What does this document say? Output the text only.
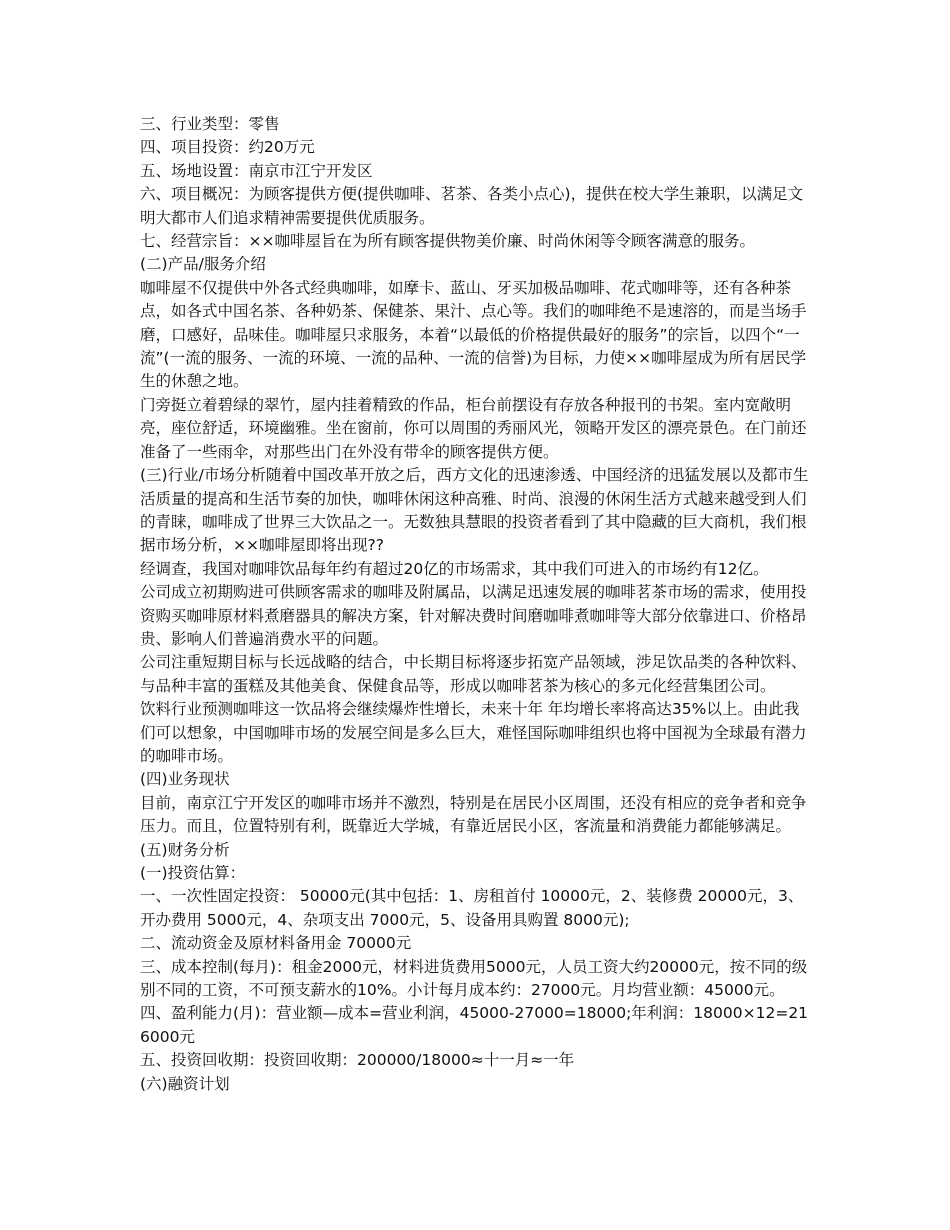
三、行业类型：零售

四、项目投资：约20万元

五、场地设置：南京市江宁开发区

六、项目概况：为顾客提供方便(提供咖啡、茗茶、各类小点心)，提供在校大学生兼职，以满足文明大都市人们追求精神需要提供优质服务。

七、经营宗旨：××咖啡屋旨在为所有顾客提供物美价廉、时尚休闲等令顾客满意的服务。

(二)产品/服务介绍

咖啡屋不仅提供中外各式经典咖啡，如摩卡、蓝山、牙买加极品咖啡、花式咖啡等，还有各种茶点，如各式中国名茶、各种奶茶、保健茶、果汁、点心等。我们的咖啡绝不是速溶的，而是当场手磨，口感好，品味佳。咖啡屋只求服务，本着“以最低的价格提供最好的服务”的宗旨，以四个“一流”(一流的服务、一流的环境、一流的品种、一流的信誉)为目标，力使××咖啡屋成为所有居民学生的休憩之地。

门旁挺立着碧绿的翠竹，屋内挂着精致的作品，柜台前摆设有存放各种报刊的书架。室内宽敞明亮，座位舒适，环境幽雅。坐在窗前，你可以周围的秀丽风光，领略开发区的漂亮景色。在门前还准备了一些雨伞，对那些出门在外没有带伞的顾客提供方便。

(三)行业/市场分析随着中国改革开放之后，西方文化的迅速渗透、中国经济的迅猛发展以及都市生活质量的提高和生活节奏的加快，咖啡休闲这种高雅、时尚、浪漫的休闲生活方式越来越受到人们的青睐，咖啡成了世界三大饮品之一。无数独具慧眼的投资者看到了其中隐藏的巨大商机，我们根据市场分析，××咖啡屋即将出现??

经调查，我国对咖啡饮品每年约有超过20亿的市场需求，其中我们可进入的市场约有12亿。

公司成立初期购进可供顾客需求的咖啡及附属品，以满足迅速发展的咖啡茗茶市场的需求，使用投资购买咖啡原材料煮磨器具的解决方案，针对解决费时间磨咖啡煮咖啡等大部分依靠进口、价格昂贵、影响人们普遍消费水平的问题。

公司注重短期目标与长远战略的结合，中长期目标将逐步拓宽产品领域，涉足饮品类的各种饮料、与品种丰富的蛋糕及其他美食、保健食品等，形成以咖啡茗茶为核心的多元化经营集团公司。

饮料行业预测咖啡这一饮品将会继续爆炸性增长，未来十年 年均增长率将高达35%以上。由此我们可以想象，中国咖啡市场的发展空间是多么巨大，难怪国际咖啡组织也将中国视为全球最有潜力的咖啡市场。

(四)业务现状

目前，南京江宁开发区的咖啡市场并不激烈，特别是在居民小区周围，还没有相应的竞争者和竞争压力。而且，位置特别有利，既靠近大学城，有靠近居民小区，客流量和消费能力都能够满足。

(五)财务分析

(一)投资估算：

一、一次性固定投资： 50000元(其中包括：1、房租首付 10000元，2、装修费 20000元，3、开办费用 5000元，4、杂项支出 7000元，5、设备用具购置 8000元);

二、流动资金及原材料备用金 70000元

三、成本控制(每月)：租金2000元，材料进货费用5000元，人员工资大约20000元，按不同的级别不同的工资，不可预支薪水的10%。小计每月成本约：27000元。月均营业额：45000元。

四、盈利能力(月)：营业额—成本=营业利润，45000-27000=18000;年利润：18000×12=216000元

五、投资回收期：投资回收期：200000/18000≈十一月≈一年

(六)融资计划
